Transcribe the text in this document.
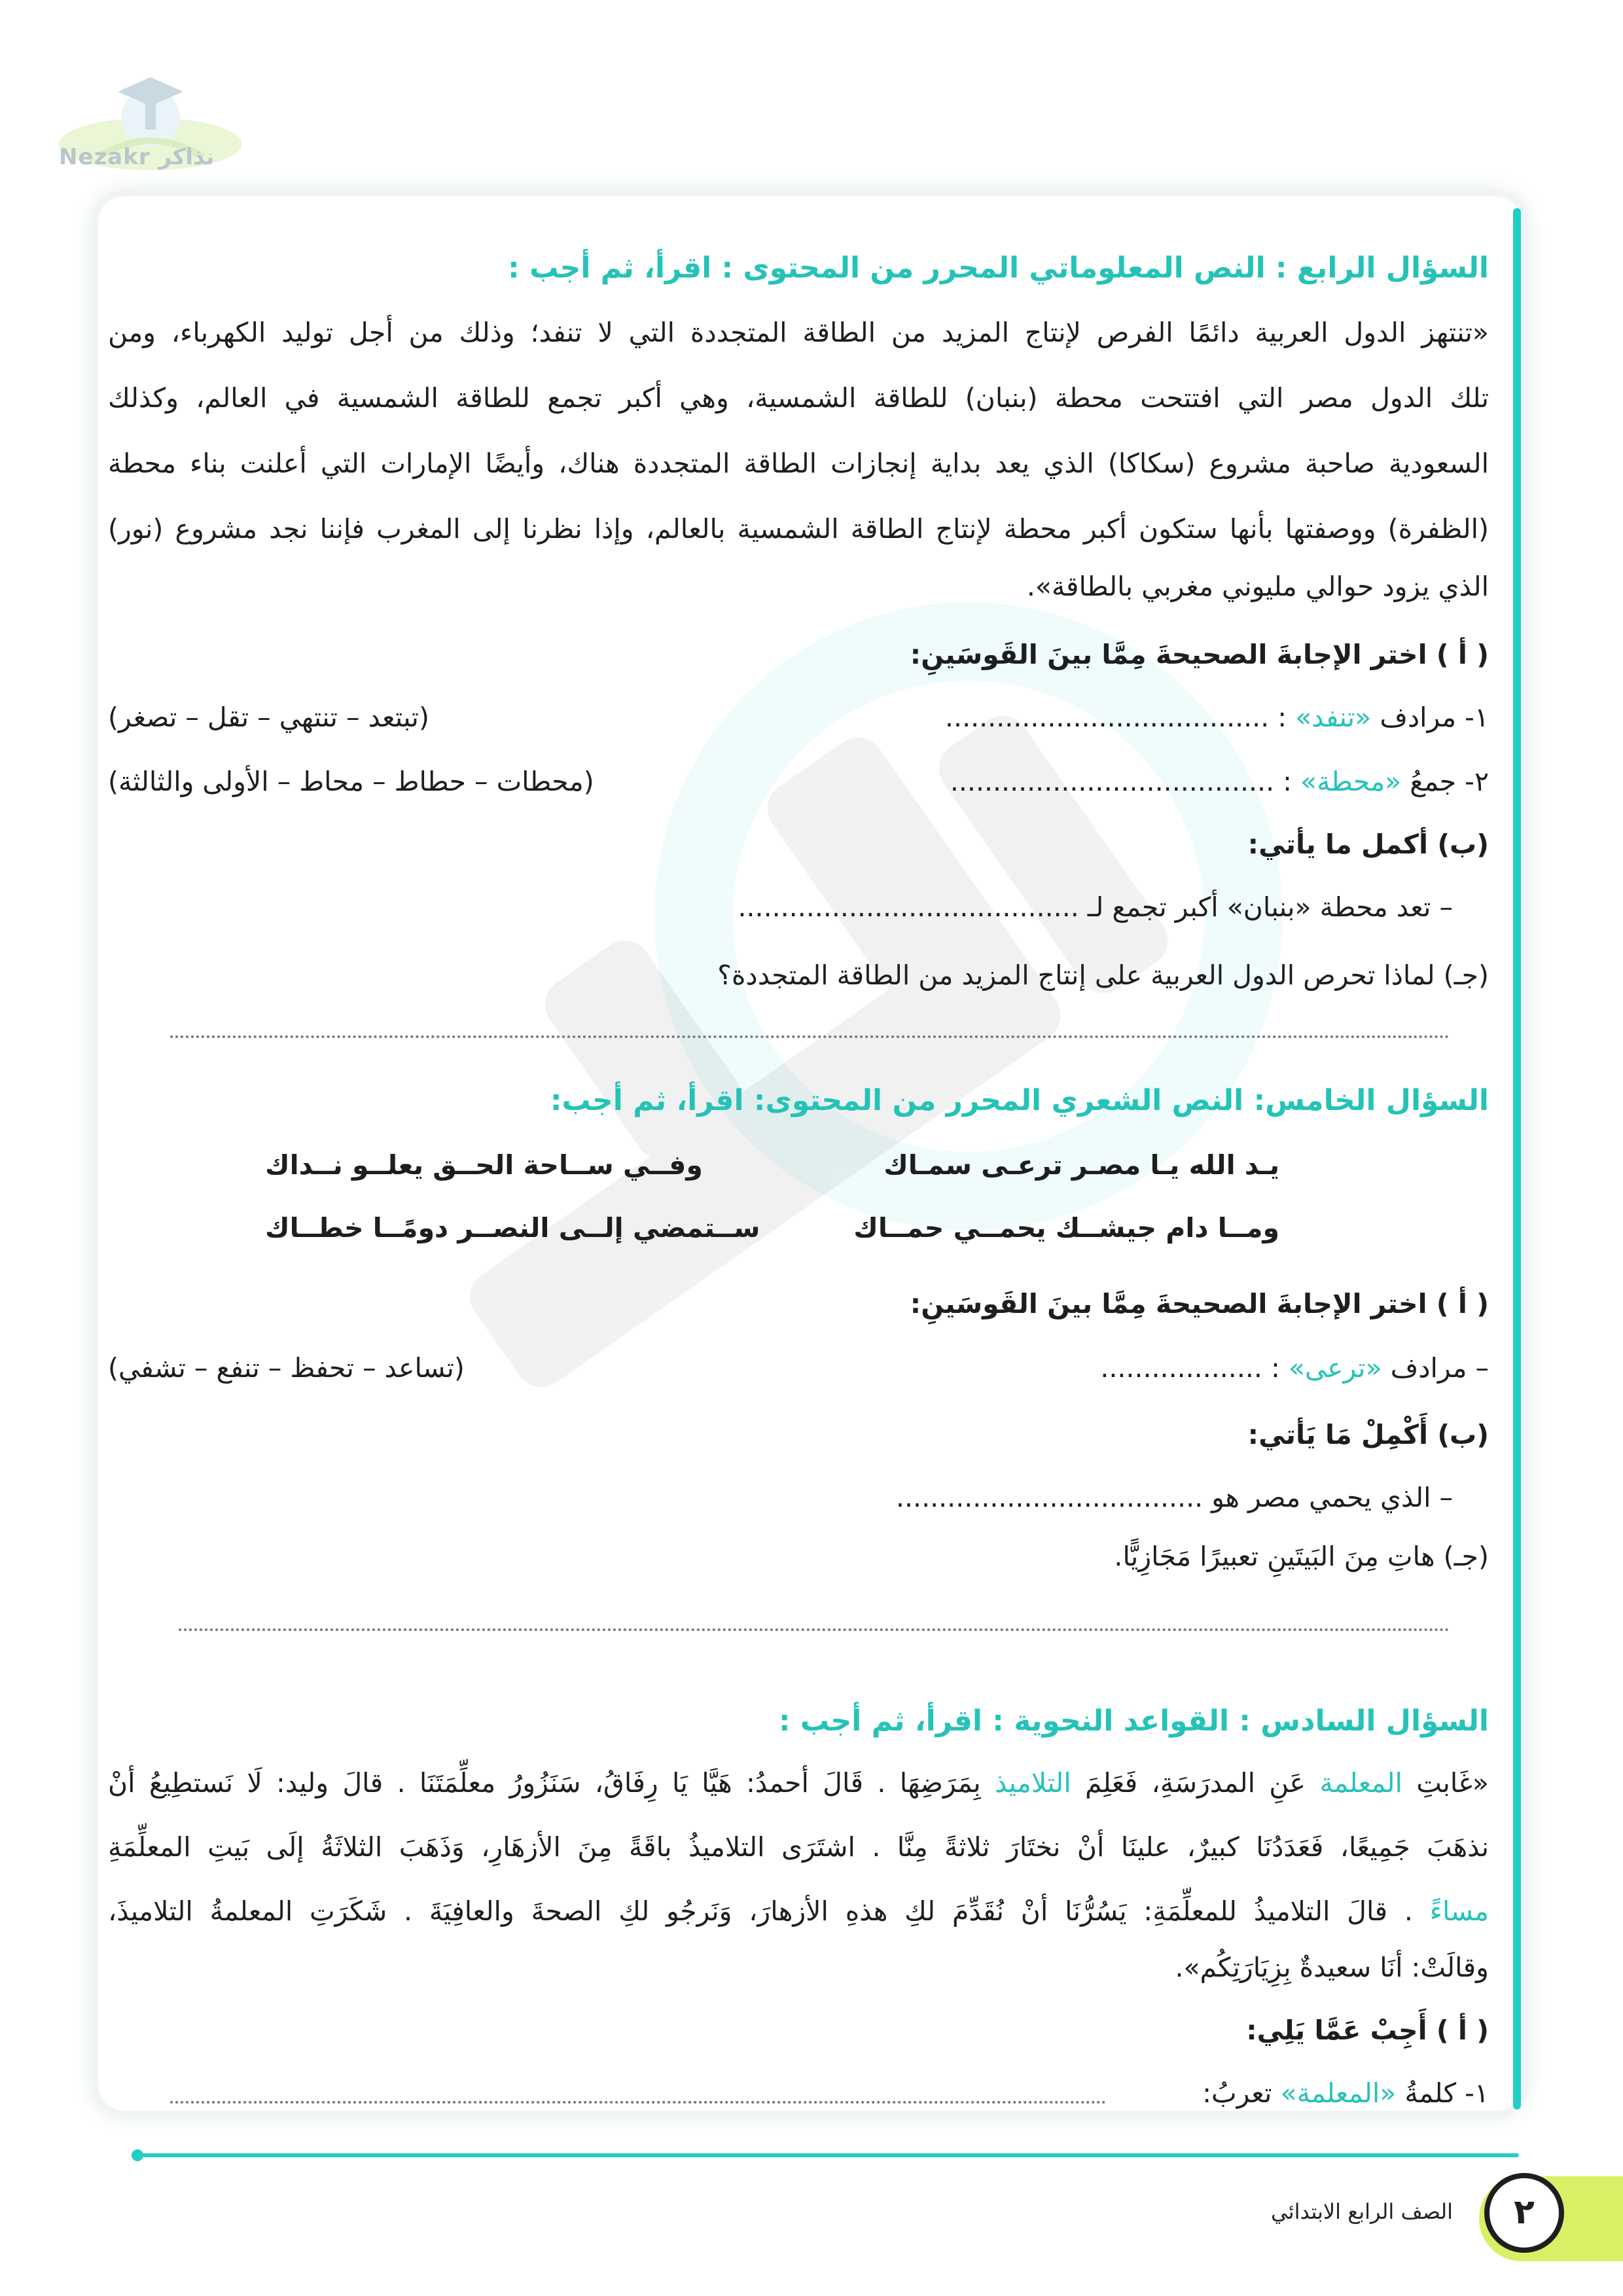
Nezakr نذاكر
السؤال الرابع : النص المعلوماتي المحرر من المحتوى : اقرأ، ثم أجب :
«تنتهز الدول العربية دائمًا الفرص لإنتاج المزيد من الطاقة المتجددة التي لا تنفد؛ وذلك من أجل توليد الكهرباء، ومن
تلك الدول مصر التي افتتحت محطة (بنبان) للطاقة الشمسية، وهي أكبر تجمع للطاقة الشمسية في العالم، وكذلك
السعودية صاحبة مشروع (سكاكا) الذي يعد بداية إنجازات الطاقة المتجددة هناك، وأيضًا الإمارات التي أعلنت بناء محطة
(الظفرة) ووصفتها بأنها ستكون أكبر محطة لإنتاج الطاقة الشمسية بالعالم، وإذا نظرنا إلى المغرب فإننا نجد مشروع (نور)
الذي يزود حوالي مليوني مغربي بالطاقة».
( أ ) اختر الإجابةَ الصحيحةَ مِمَّا بينَ القَوسَينِ:
١- مرادف «تنفد» : ......................................
(تبتعد – تنتهي – تقل – تصغر)
٢- جمعُ «محطة» : ......................................
(محطات – حطاط – محاط – الأولى والثالثة)
(ب) أكمل ما يأتي:
– تعد محطة «بنبان» أكبر تجمع لـ ........................................
(جـ) لماذا تحرص الدول العربية على إنتاج المزيد من الطاقة المتجددة؟
السؤال الخامس: النص الشعري المحرر من المحتوى: اقرأ، ثم أجب:
يـد الله يـا مصـر ترعـى سمـاك
وفــي ســاحة الحــق يعلــو نــداك
ومــا دام جيشــك يحمــي حمــاك
ســتمضي إلــى النصــر دومًــا خطــاك
( أ ) اختر الإجابةَ الصحيحةَ مِمَّا بينَ القَوسَينِ:
– مرادف «ترعى» : ...................
(تساعد – تحفظ – تنفع – تشفي)
(ب) أَكْمِلْ مَا يَأتي:
– الذي يحمي مصر هو ....................................
(جـ) هاتِ مِنَ البَيتَينِ تعبيرًا مَجَازِيًّا.
السؤال السادس : القواعد النحوية : اقرأ، ثم أجب :
«غَابتِ المعلمة عَنِ المدرَسَةِ، فَعَلِمَ التلاميذ بِمَرَضِهَا . قَالَ أحمدُ: هَيَّا يَا رِفَاقُ، سَنَزُورُ معلِّمَتَنَا . قالَ وليد: لَا نَستطِيعُ أنْ
نذهَبَ جَمِيعًا، فَعَدَدُنَا كبيرٌ، علينَا أنْ نختَارَ ثلاثةً مِنَّا . اشتَرَى التلاميذُ باقَةً مِنَ الأزهَارِ، وَذَهَبَ الثلاثَةُ إلَى بَيتِ المعلِّمَةِ
مساءً . قالَ التلاميذُ للمعلِّمَةِ: يَسُرُّنَا أنْ نُقَدِّمَ لكِ هذهِ الأزهارَ، وَنَرجُو لكِ الصحةَ والعافِيَةَ . شَكَرَتِ المعلمةُ التلاميذَ،
وقالَتْ: أنَا سعيدةٌ بِزِيَارَتِكُم».
( أ ) أَجِبْ عَمَّا يَلِي:
١- كلمةُ «المعلمة» تعربُ:
٢
الصف الرابع الابتدائي
